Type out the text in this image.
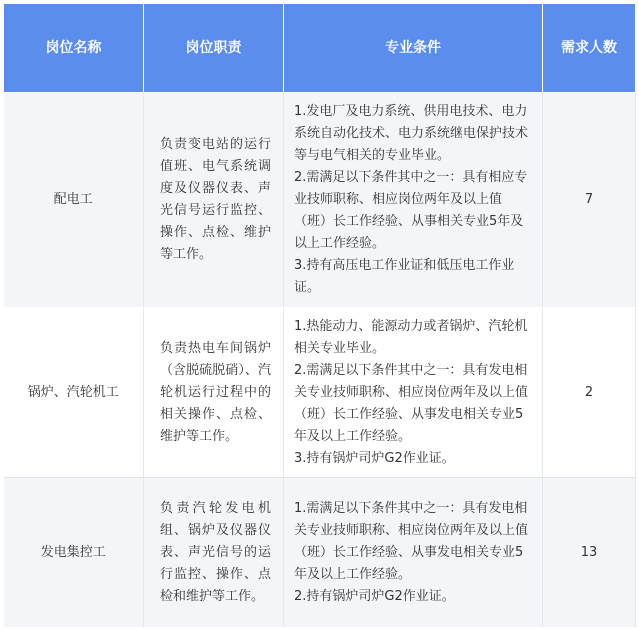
岗位名称	岗位职责	专业条件	需求人数
配电工	负责变电站的运行值班、电气系统调度及仪器仪表、声光信号运行监控、操作、点检、维护等工作。	1.发电厂及电力系统、供用电技术、电力系统自动化技术、电力系统继电保护技术等与电气相关的专业毕业。
2.需满足以下条件其中之一：具有相应专业技师职称、相应岗位两年及以上值（班）长工作经验、从事相关专业5年及以上工作经验。
3.持有高压电工作业证和低压电工作业证。	7
锅炉、汽轮机工	负责热电车间锅炉（含脱硫脱硝）、汽轮机运行过程中的相关操作、点检、维护等工作。	1.热能动力、能源动力或者锅炉、汽轮机相关专业毕业。
2.需满足以下条件其中之一：具有发电相关专业技师职称、相应岗位两年及以上值（班）长工作经验、从事发电相关专业5年及以上工作经验。
3.持有锅炉司炉G2作业证。	2
发电集控工	负责汽轮发电机组、锅炉及仪器仪表、声光信号的运行监控、操作、点检和维护等工作。	1.需满足以下条件其中之一：具有发电相关专业技师职称、相应岗位两年及以上值（班）长工作经验、从事发电相关专业5年及以上工作经验。
2.持有锅炉司炉G2作业证。	13
